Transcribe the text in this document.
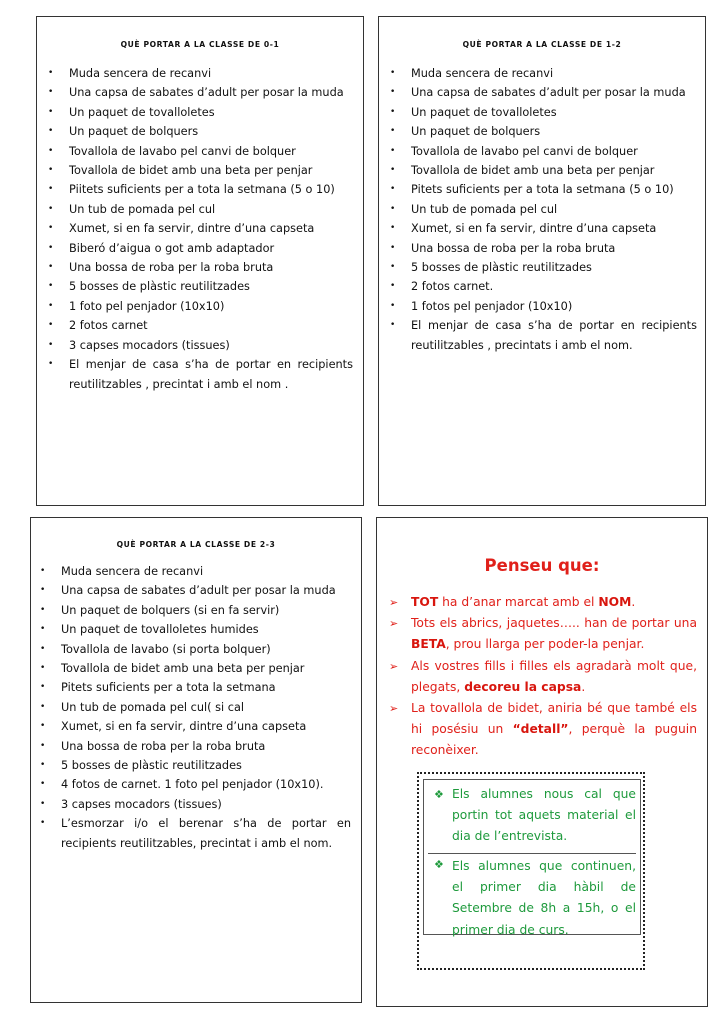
QUÈ PORTAR A LA CLASSE DE 0-1
• Muda sencera de recanvi
• Una capsa de sabates d’adult per posar la muda
• Un paquet de tovalloletes
• Un paquet de bolquers
• Tovallola de lavabo pel canvi de bolquer
• Tovallola de bidet amb una beta per penjar
• Piitets suficients per a tota la setmana (5 o 10)
• Un tub de pomada pel cul
• Xumet, si en fa servir, dintre d’una capseta
• Biberó d’aigua o got amb adaptador
• Una bossa de roba per la roba bruta
• 5 bosses de plàstic reutilitzades
• 1 foto pel penjador (10x10)
• 2 fotos carnet
• 3 capses mocadors (tissues)
• El menjar de casa s’ha de portar en recipients reutilitzables , precintat i amb el nom .
QUÈ PORTAR A LA CLASSE DE 1-2
• Muda sencera de recanvi
• Una capsa de sabates d’adult per posar la muda
• Un paquet de tovalloletes
• Un paquet de bolquers
• Tovallola de lavabo pel canvi de bolquer
• Tovallola de bidet amb una beta per penjar
• Pitets suficients per a tota la setmana (5 o 10)
• Un tub de pomada pel cul
• Xumet, si en fa servir, dintre d’una capseta
• Una bossa de roba per la roba bruta
• 5 bosses de plàstic reutilitzades
• 2 fotos carnet.
• 1 fotos pel penjador (10x10)
• El menjar de casa s’ha de portar en recipients reutilitzables , precintats i amb el nom.
QUÈ PORTAR A LA CLASSE DE 2-3
• Muda sencera de recanvi
• Una capsa de sabates d’adult per posar la muda
• Un paquet de bolquers (si en fa servir)
• Un paquet de tovalloletes humides
• Tovallola de lavabo (si porta bolquer)
• Tovallola de bidet amb una beta per penjar
• Pitets suficients per a tota la setmana
• Un tub de pomada pel cul( si cal
• Xumet, si en fa servir, dintre d’una capseta
• Una bossa de roba per la roba bruta
• 5 bosses de plàstic reutilitzades
• 4 fotos de carnet. 1 foto pel penjador (10x10).
• 3 capses mocadors (tissues)
• L’esmorzar i/o el berenar s’ha de portar en recipients reutilitzables, precintat i amb el nom.
Penseu que:
➢ TOT ha d’anar marcat amb el NOM.
➢ Tots els abrics, jaquetes….. han de portar una BETA, prou llarga per poder-la penjar.
➢ Als vostres fills i filles els agradarà molt que, plegats, decoreu la capsa.
➢ La tovallola de bidet, aniria bé que també els hi posésiu un “detall”, perquè la puguin reconèixer.
❖ Els alumnes nous cal que portin tot aquets material el dia de l’entrevista.
❖ Els alumnes que continuen, el primer dia hàbil de Setembre de 8h a 15h, o el primer dia de curs.
